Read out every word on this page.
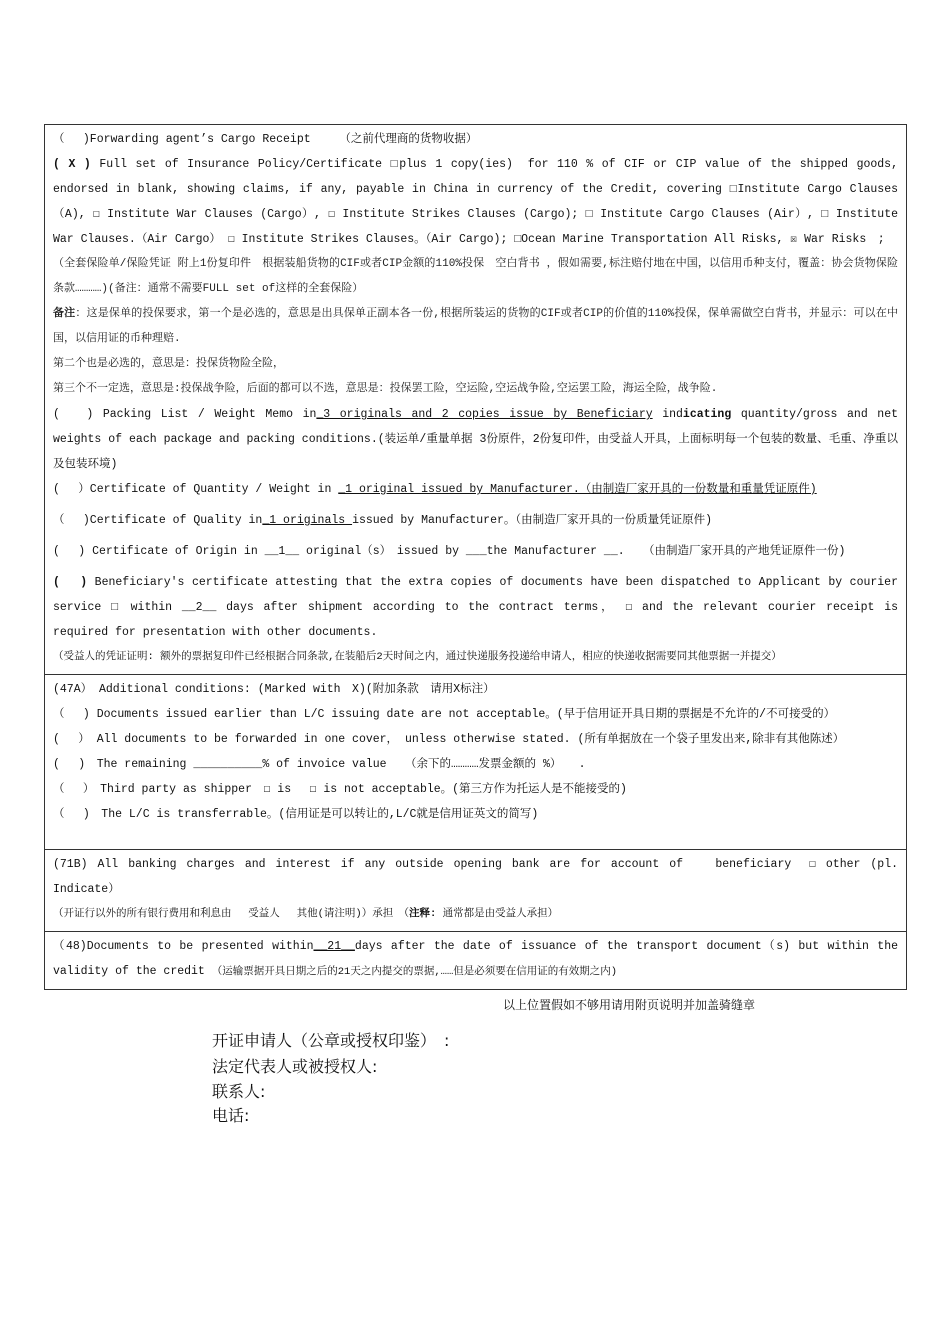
（　 )Forwarding agent’s Cargo Receipt　　　（之前代理商的货物收据）

( X ) Full set of Insurance Policy/Certificate □plus 1 copy(ies)　for 110 % of CIF or CIP value of the shipped goods, endorsed in blank, showing claims, if any, payable in China in currency of the Credit, covering □Institute Cargo Clauses （A), ☐ Institute War Clauses (Cargo）, ☐ Institute Strikes Clauses (Cargo); □ Institute Cargo Clauses (Air）, □ Institute War Clauses.（Air Cargo） ☐ Institute Strikes Clauses。（Air Cargo); □Ocean Marine Transportation All Risks, ☒ War Risks　;

（全套保险单/保险凭证 附上1份复印件　根据装船货物的CIF或者CIP金额的110%投保　空白背书 ，假如需要,标注赔付地在中国，以信用币种支付，覆盖：协会货物保险条款…………)(备注：通常不需要FULL set of这样的全套保险）

备注：这是保单的投保要求，第一个是必选的，意思是出具保单正副本各一份,根据所装运的货物的CIF或者CIP的价值的110%投保，保单需做空白背书，并显示：可以在中国，以信用证的币种理赔.

第二个也是必选的，意思是：投保货物险全险，

第三个不一定选，意思是:投保战争险，后面的都可以不选，意思是：投保罢工险，空运险,空运战争险,空运罢工险，海运全险，战争险.

(　 ) Packing List / Weight Memo in_3 originals and 2 copies issue by Beneficiary indicating quantity/gross and net weights of each package and packing conditions.(装运单/重量单据 3份原件，2份复印件，由受益人开具，上面标明每一个包装的数量、毛重、净重以及包装环境)

(　 ）Certificate of Quantity / Weight in _1 original issued by Manufacturer.（由制造厂家开具的一份数量和重量凭证原件)

（　 )Certificate of Quality in_1 originals issued by Manufacturer。（由制造厂家开具的一份质量凭证原件)

(　 ) Certificate of Origin in __1__ original（s）　issued by ___the Manufacturer __.　 （由制造厂家开具的产地凭证原件一份)

(　 ) Beneficiary's certificate attesting that the extra copies of documents have been dispatched to Applicant by courier service □ within __2__ days after shipment according to the contract terms， ☐ and the relevant courier receipt is required for presentation with other documents.

（受益人的凭证证明: 额外的票据复印件已经根据合同条款,在装船后2天时间之内，通过快递服务投递给申请人，相应的快递收据需要同其他票据一并提交）

(47A） Additional conditions: (Marked with　X)(附加条款　请用X标注）

（　 ) Documents issued earlier than L/C issuing date are not acceptable。(早于信用证开具日期的票据是不允许的/不可接受的）

(　 ） All documents to be forwarded in one cover， unless otherwise stated. (所有单据放在一个袋子里发出来,除非有其他陈述）

(　 )　The remaining __________% of invoice value　 （余下的…………发票金额的 %）　　.

（　 ）　Third party as shipper　☐ is　 ☐ is not acceptable。(第三方作为托运人是不能接受的)

（　 )　The L/C is transferrable。(信用证是可以转让的,L/C就是信用证英文的简写)

(71B) All banking charges and interest if any outside opening bank are for account of　　beneficiary　☐ other (pl. Indicate）

（开证行以外的所有银行费用和利息由　 受益人　 其他(请注明)）承担　（注释: 通常都是由受益人承担）

（48)Documents to be presented within__21__days after the date of issuance of the transport document（s) but within the validity of the credit （运输票据开具日期之后的21天之内提交的票据,……但是必须要在信用证的有效期之内)

以上位置假如不够用请用附页说明并加盖骑缝章
开证申请人（公章或授权印鉴）　:
法定代表人或被授权人:
联系人:
电话:
